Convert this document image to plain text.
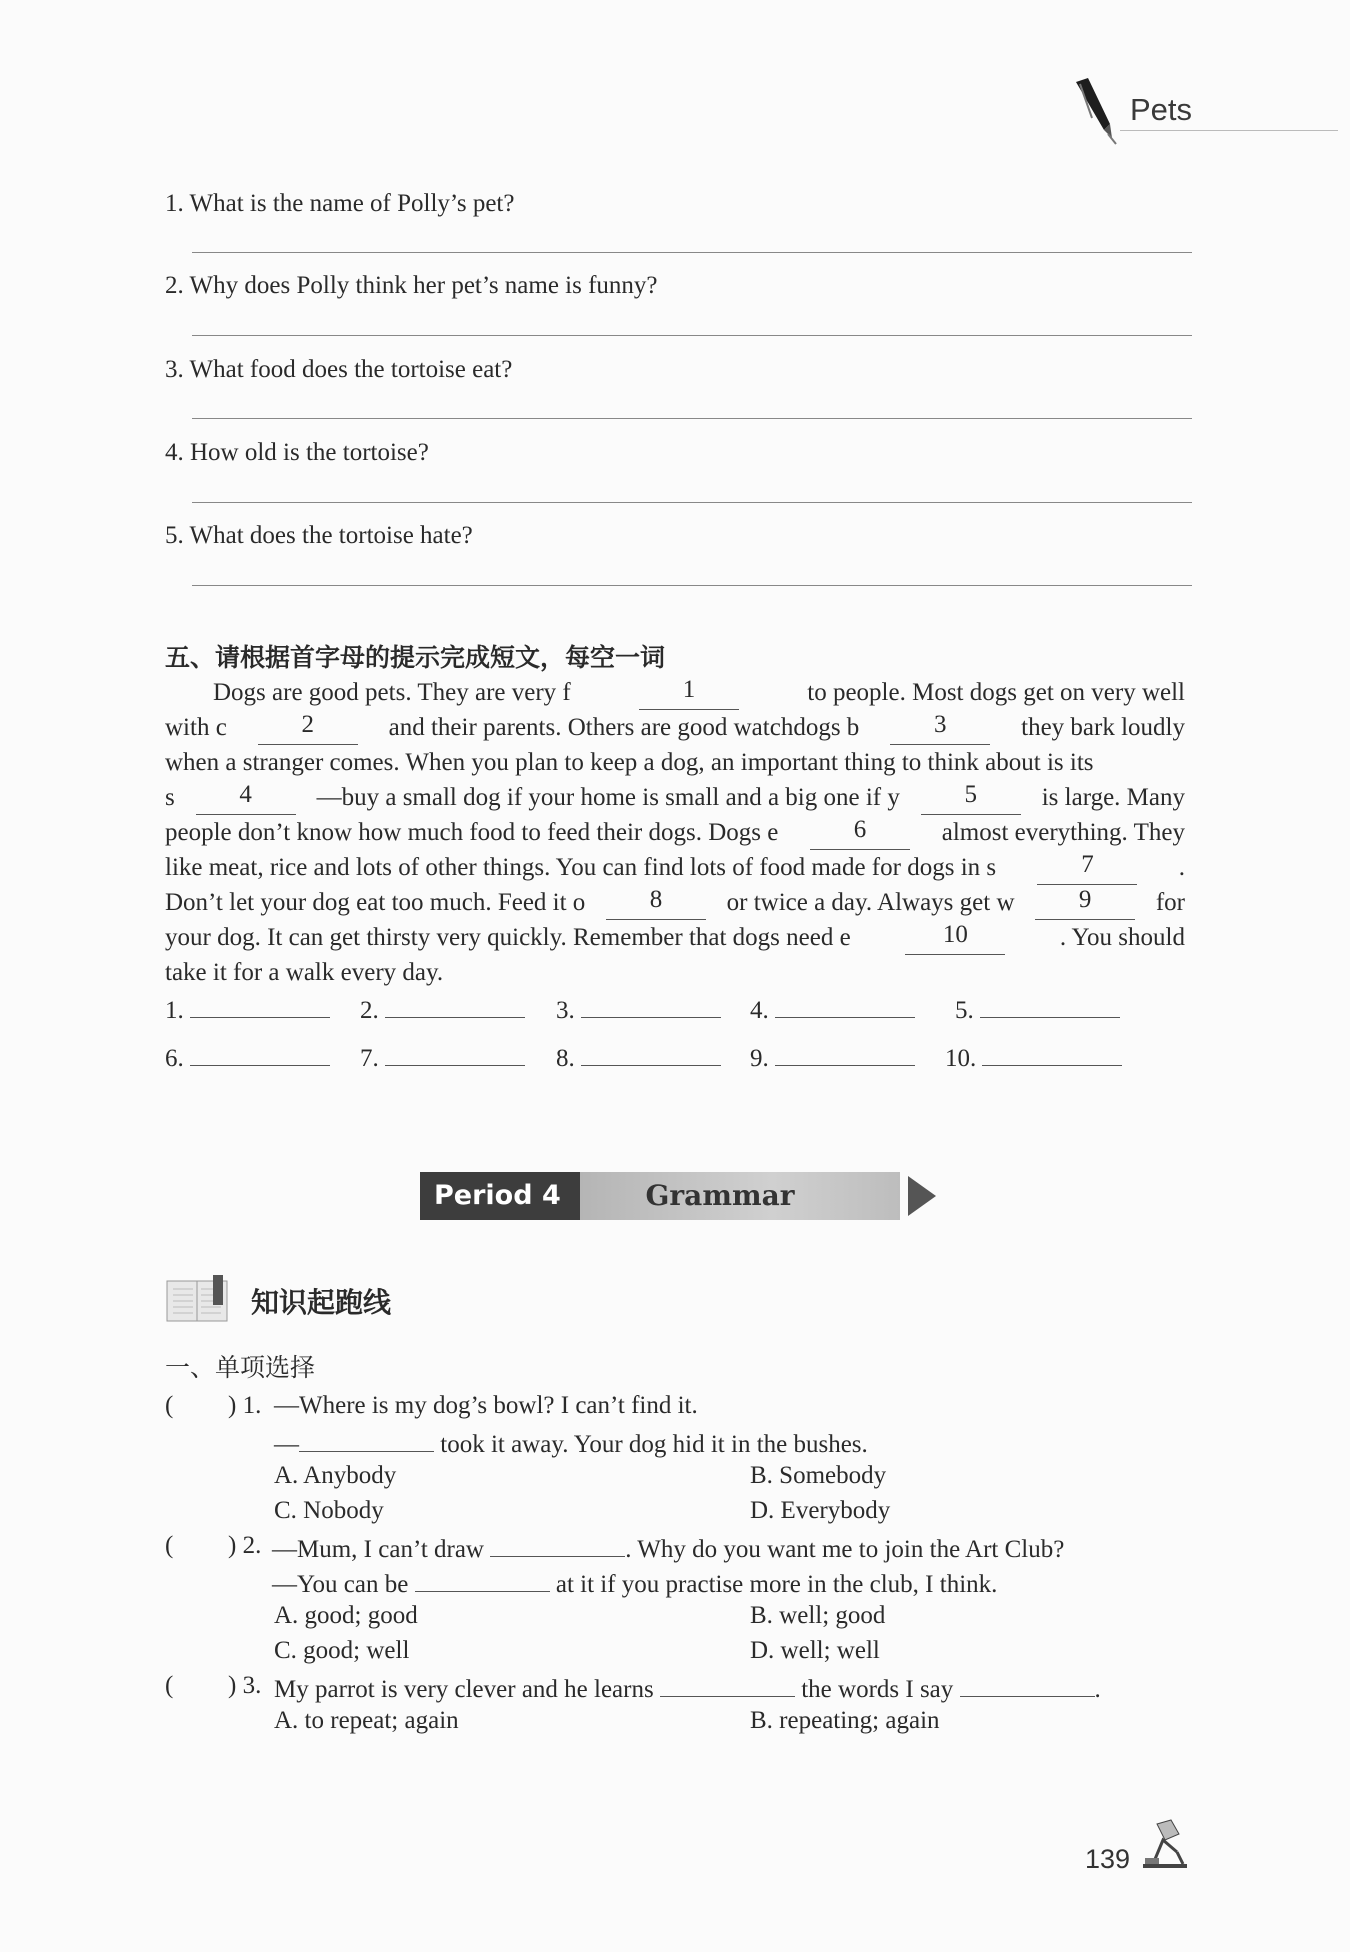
Pets
1. What is the name of Polly’s pet?
2. Why does Polly think her pet’s name is funny?
3. What food does the tortoise eat?
4. How old is the tortoise?
5. What does the tortoise hate?
五、请根据首字母的提示完成短文，每空一词
Dogs are good pets. They are very f	1	to people. Most dogs get on very well
with c	2	and their parents. Others are good watchdogs b	3	they bark loudly
when a stranger comes. When you plan to keep a dog, an important thing to think about is its
s	4	—buy a small dog if your home is small and a big one if y	5	is large. Many
people don’t know how much food to feed their dogs. Dogs e	6	almost everything. They
like meat, rice and lots of other things. You can find lots of food made for dogs in s	7	.
Don’t let your dog eat too much. Feed it o	8	or twice a day. Always get w	9	for
your dog. It can get thirsty very quickly. Remember that dogs need e	10	. You should
take it for a walk every day.
1.	2.	3.	4.	5.
6.	7.	8.	9.	10.
Period 4	Grammar
知识起跑线
一、单项选择
( ) 1. —Where is my dog’s bowl? I can’t find it.
—	took it away. Your dog hid it in the bushes.
A. Anybody	B. Somebody
C. Nobody	D. Everybody
( ) 2. —Mum, I can’t draw	. Why do you want me to join the Art Club?
—You can be	at it if you practise more in the club, I think.
A. good; good	B. well; good
C. good; well	D. well; well
( ) 3. My parrot is very clever and he learns	the words I say	.
A. to repeat; again	B. repeating; again
139
